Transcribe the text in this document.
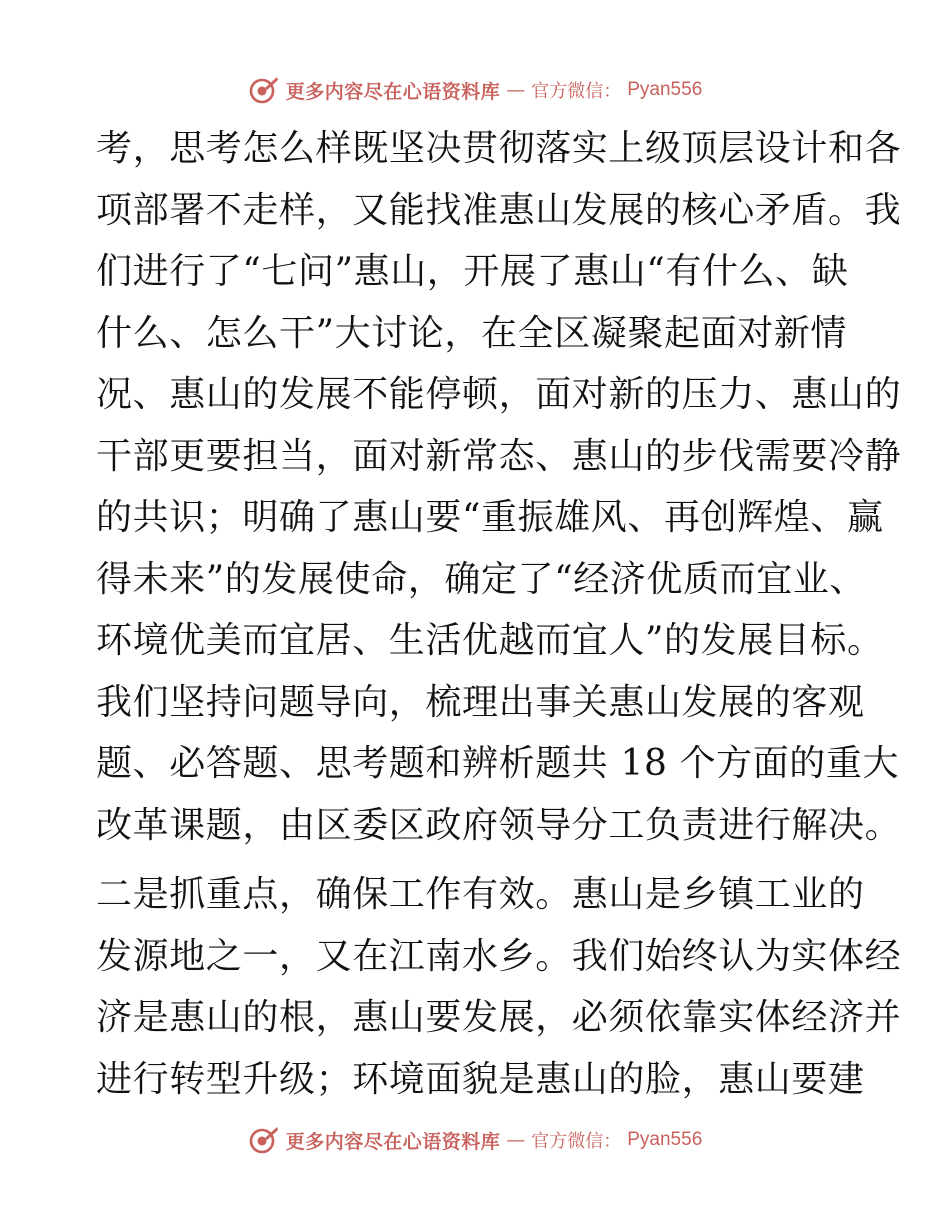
更多内容尽在心语资料库 — 官方微信： Pyan556
考，思考怎么样既坚决贯彻落实上级顶层设计和各
项部署不走样，又能找准惠山发展的核心矛盾。我
们进行了“七问”惠山，开展了惠山“有什么、缺
什么、怎么干”大讨论，在全区凝聚起面对新情
况、惠山的发展不能停顿，面对新的压力、惠山的
干部更要担当，面对新常态、惠山的步伐需要冷静
的共识；明确了惠山要“重振雄风、再创辉煌、赢
得未来”的发展使命，确定了“经济优质而宜业、
环境优美而宜居、生活优越而宜人”的发展目标。
我们坚持问题导向，梳理出事关惠山发展的客观
题、必答题、思考题和辨析题共 18 个方面的重大
改革课题，由区委区政府领导分工负责进行解决。
二是抓重点，确保工作有效。惠山是乡镇工业的
发源地之一，又在江南水乡。我们始终认为实体经
济是惠山的根，惠山要发展，必须依靠实体经济并
进行转型升级；环境面貌是惠山的脸，惠山要建
更多内容尽在心语资料库 — 官方微信： Pyan556
